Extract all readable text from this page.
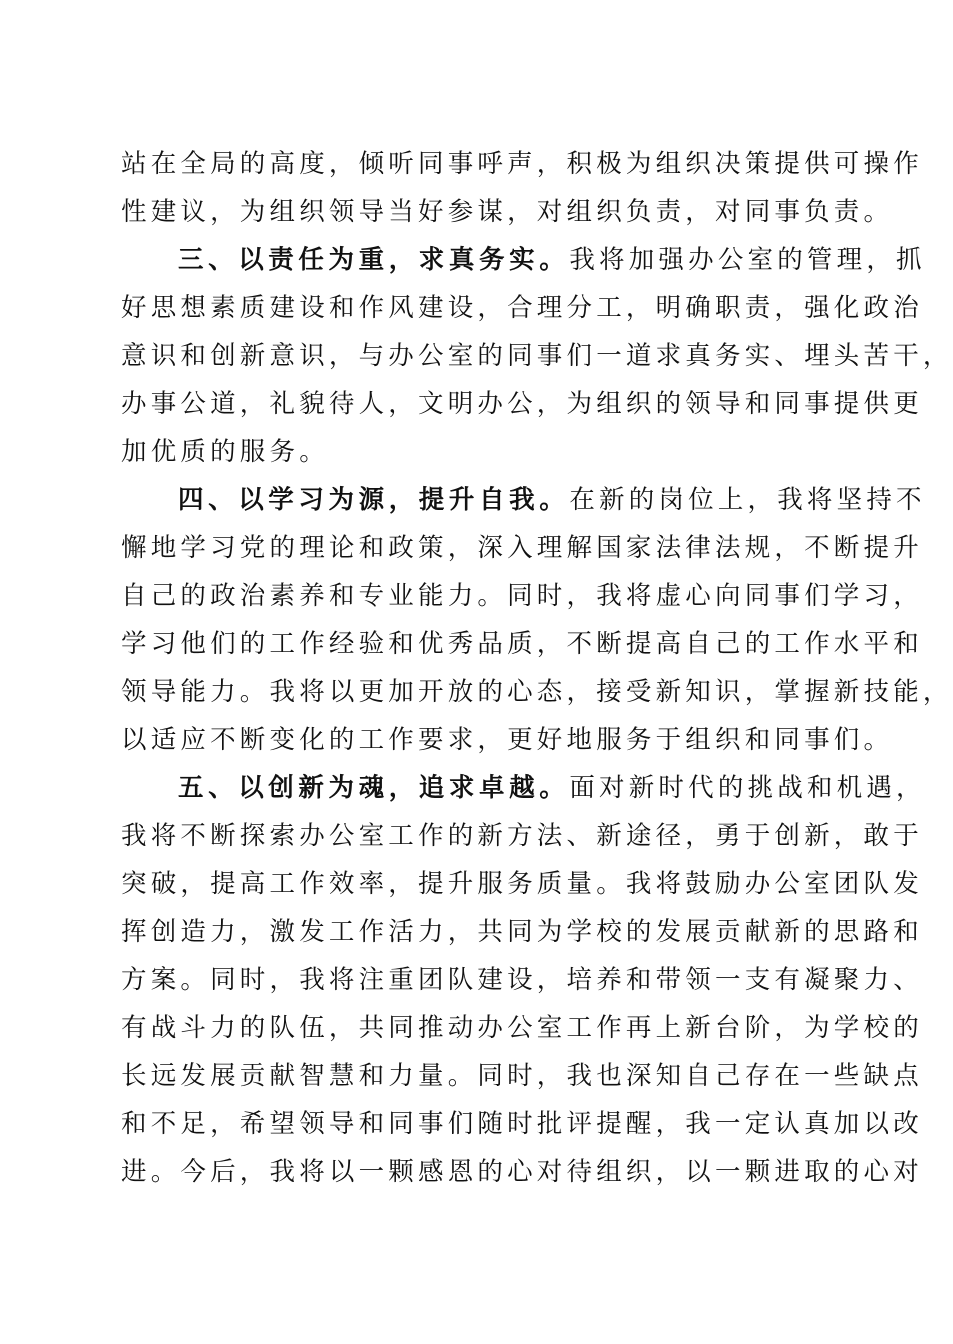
站在全局的高度，倾听同事呼声，积极为组织决策提供可操作
性建议，为组织领导当好参谋，对组织负责，对同事负责。
三、以责任为重，求真务实。我将加强办公室的管理，抓
好思想素质建设和作风建设，合理分工，明确职责，强化政治
意识和创新意识，与办公室的同事们一道求真务实、埋头苦干，
办事公道，礼貌待人，文明办公，为组织的领导和同事提供更
加优质的服务。
四、以学习为源，提升自我。在新的岗位上，我将坚持不
懈地学习党的理论和政策，深入理解国家法律法规，不断提升
自己的政治素养和专业能力。同时，我将虚心向同事们学习，
学习他们的工作经验和优秀品质，不断提高自己的工作水平和
领导能力。我将以更加开放的心态，接受新知识，掌握新技能，
以适应不断变化的工作要求，更好地服务于组织和同事们。
五、以创新为魂，追求卓越。面对新时代的挑战和机遇，
我将不断探索办公室工作的新方法、新途径，勇于创新，敢于
突破，提高工作效率，提升服务质量。我将鼓励办公室团队发
挥创造力，激发工作活力，共同为学校的发展贡献新的思路和
方案。同时，我将注重团队建设，培养和带领一支有凝聚力、
有战斗力的队伍，共同推动办公室工作再上新台阶，为学校的
长远发展贡献智慧和力量。同时，我也深知自己存在一些缺点
和不足，希望领导和同事们随时批评提醒，我一定认真加以改
进。今后，我将以一颗感恩的心对待组织，以一颗进取的心对
